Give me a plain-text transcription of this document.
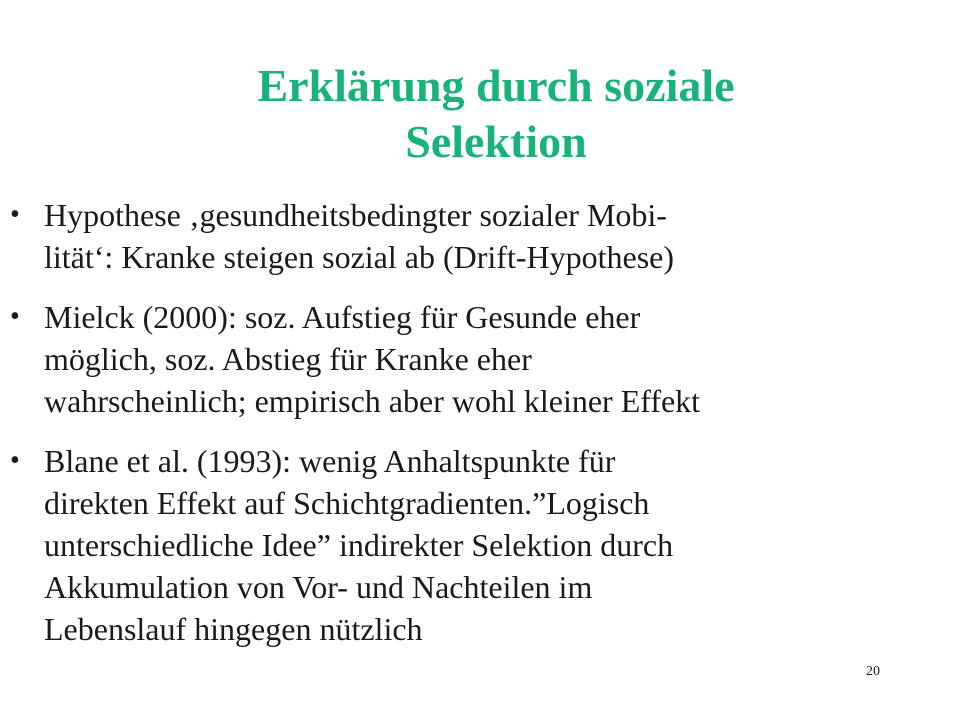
Erklärung durch soziale
Selektion
• Hypothese ‚gesundheitsbedingter sozialer Mobi-
lität‘: Kranke steigen sozial ab (Drift-Hypothese)
• Mielck (2000): soz. Aufstieg für Gesunde eher
möglich, soz. Abstieg für Kranke eher
wahrscheinlich; empirisch aber wohl kleiner Effekt
• Blane et al. (1993): wenig Anhaltspunkte für
direkten Effekt auf Schichtgradienten.”Logisch
unterschiedliche Idee” indirekter Selektion durch
Akkumulation von Vor- und Nachteilen im
Lebenslauf hingegen nützlich
20
